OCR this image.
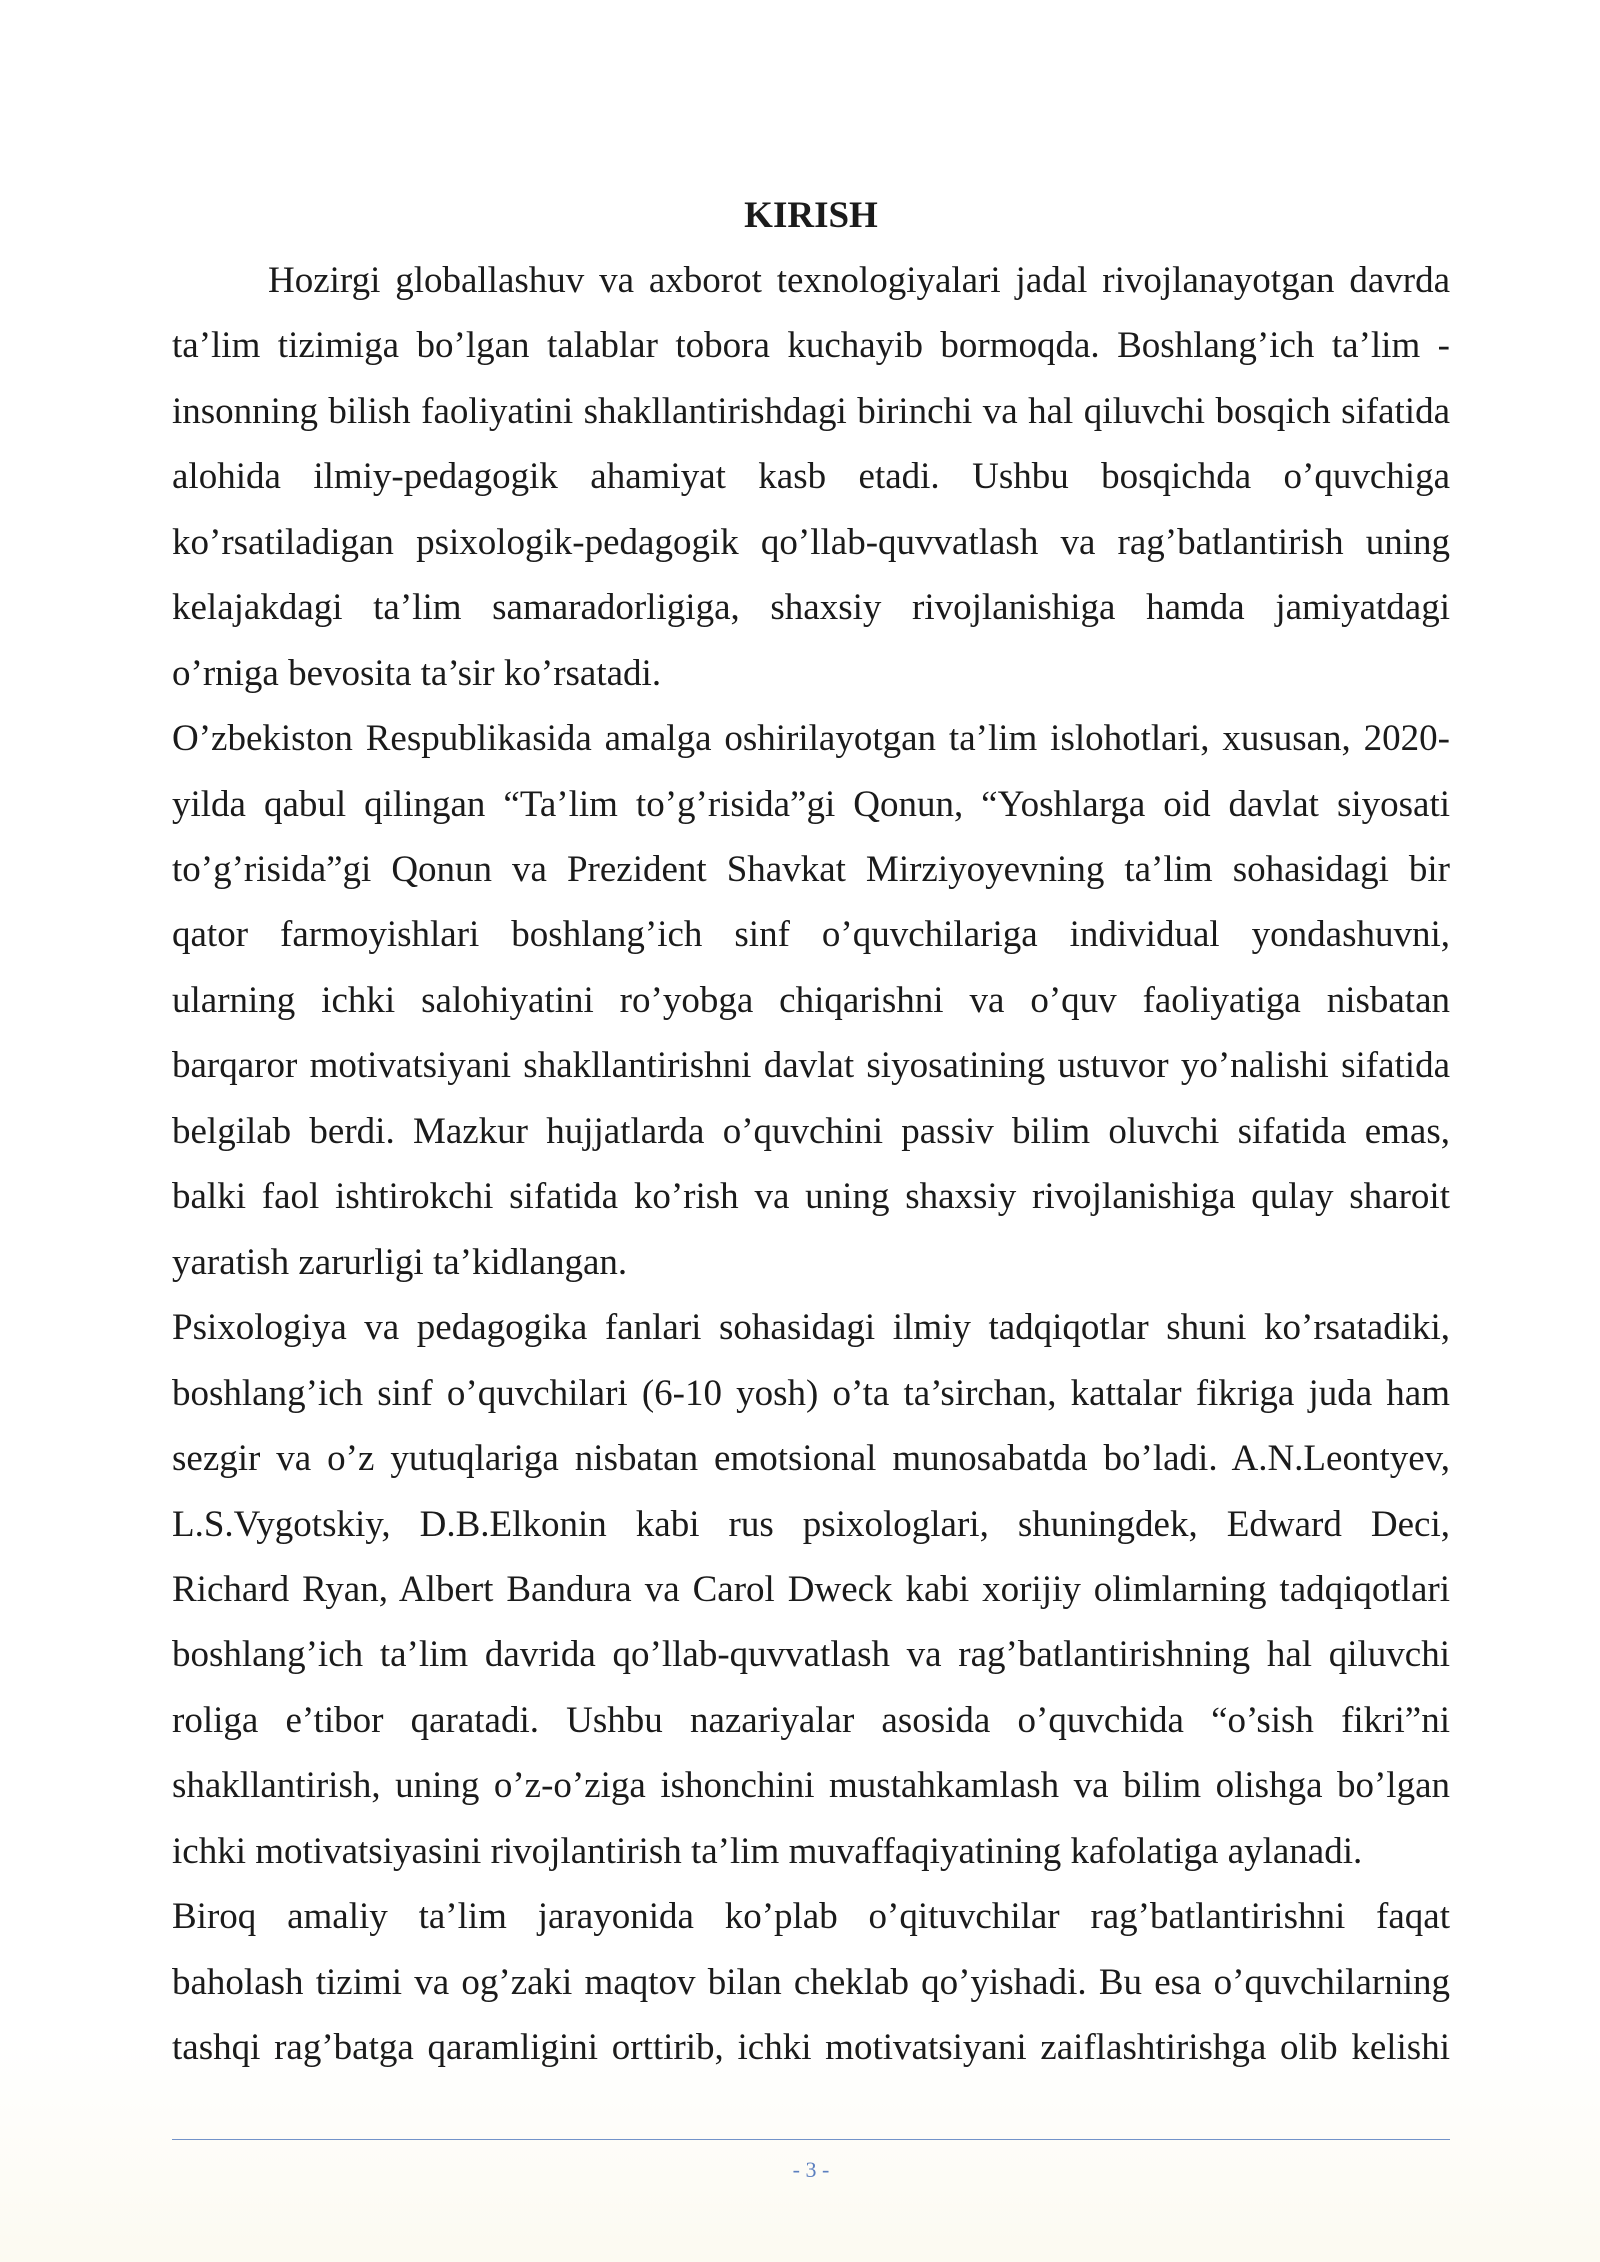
KIRISH
Hozirgi globallashuv va axborot texnologiyalari jadal rivojlanayotgan davrda
ta’lim tizimiga bo’lgan talablar tobora kuchayib bormoqda. Boshlang’ich ta’lim -
insonning bilish faoliyatini shakllantirishdagi birinchi va hal qiluvchi bosqich sifatida
alohida ilmiy-pedagogik ahamiyat kasb etadi. Ushbu bosqichda o’quvchiga
ko’rsatiladigan psixologik-pedagogik qo’llab-quvvatlash va rag’batlantirish uning
kelajakdagi ta’lim samaradorligiga, shaxsiy rivojlanishiga hamda jamiyatdagi
o’rniga bevosita ta’sir ko’rsatadi.
O’zbekiston Respublikasida amalga oshirilayotgan ta’lim islohotlari, xususan, 2020-
yilda qabul qilingan “Ta’lim to’g’risida”gi Qonun, “Yoshlarga oid davlat siyosati
to’g’risida”gi Qonun va Prezident Shavkat Mirziyoyevning ta’lim sohasidagi bir
qator farmoyishlari boshlang’ich sinf o’quvchilariga individual yondashuvni,
ularning ichki salohiyatini ro’yobga chiqarishni va o’quv faoliyatiga nisbatan
barqaror motivatsiyani shakllantirishni davlat siyosatining ustuvor yo’nalishi sifatida
belgilab berdi. Mazkur hujjatlarda o’quvchini passiv bilim oluvchi sifatida emas,
balki faol ishtirokchi sifatida ko’rish va uning shaxsiy rivojlanishiga qulay sharoit
yaratish zarurligi ta’kidlangan.
Psixologiya va pedagogika fanlari sohasidagi ilmiy tadqiqotlar shuni ko’rsatadiki,
boshlang’ich sinf o’quvchilari (6-10 yosh) o’ta ta’sirchan, kattalar fikriga juda ham
sezgir va o’z yutuqlariga nisbatan emotsional munosabatda bo’ladi. A.N.Leontyev,
L.S.Vygotskiy, D.B.Elkonin kabi rus psixologlari, shuningdek, Edward Deci,
Richard Ryan, Albert Bandura va Carol Dweck kabi xorijiy olimlarning tadqiqotlari
boshlang’ich ta’lim davrida qo’llab-quvvatlash va rag’batlantirishning hal qiluvchi
roliga e’tibor qaratadi. Ushbu nazariyalar asosida o’quvchida “o’sish fikri”ni
shakllantirish, uning o’z-o’ziga ishonchini mustahkamlash va bilim olishga bo’lgan
ichki motivatsiyasini rivojlantirish ta’lim muvaffaqiyatining kafolatiga aylanadi.
Biroq amaliy ta’lim jarayonida ko’plab o’qituvchilar rag’batlantirishni faqat
baholash tizimi va og’zaki maqtov bilan cheklab qo’yishadi. Bu esa o’quvchilarning
tashqi rag’batga qaramligini orttirib, ichki motivatsiyani zaiflashtirishga olib kelishi
- 3 -
